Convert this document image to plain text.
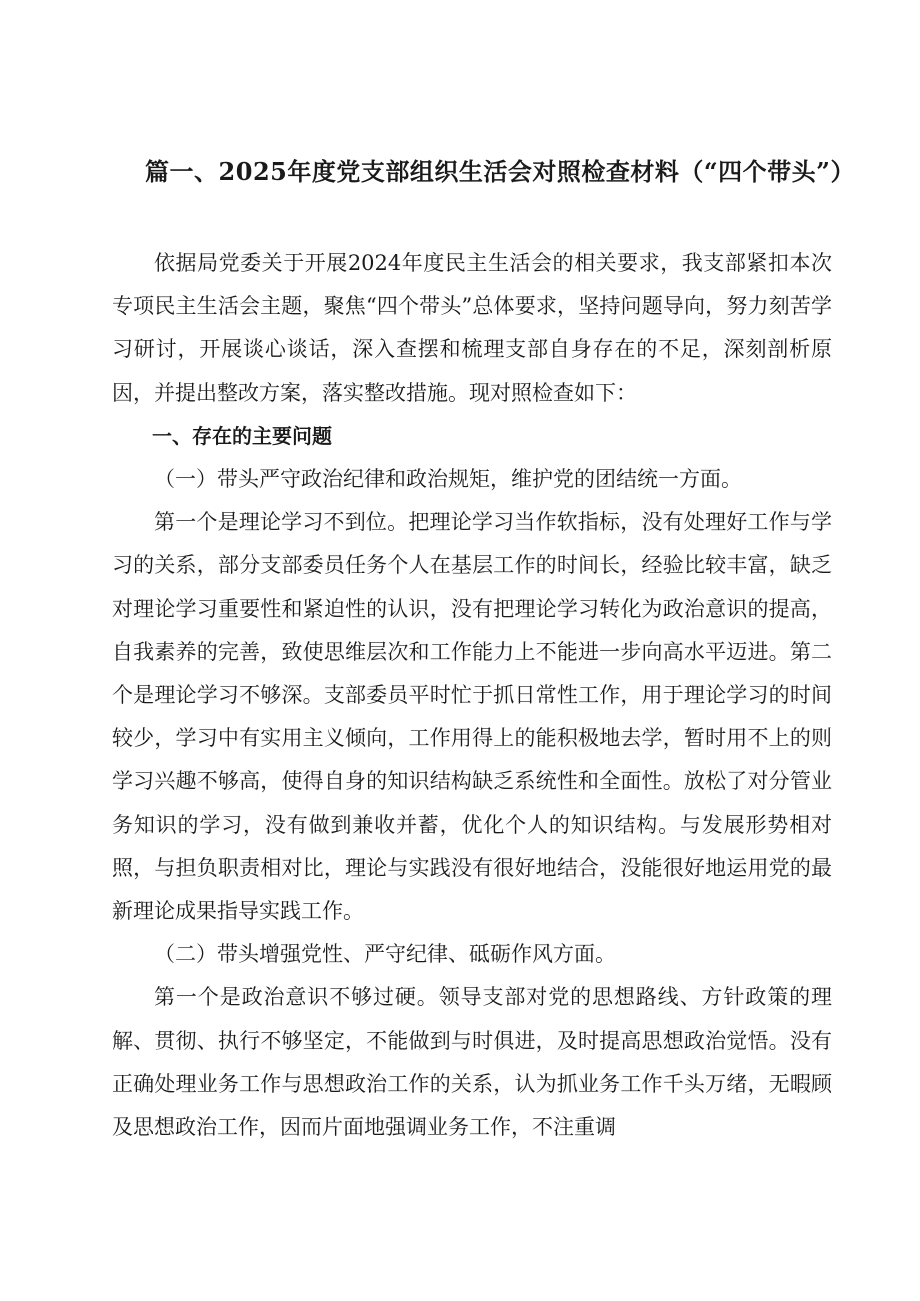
篇一、2025年度党支部组织生活会对照检查材料（“四个带头”）

依据局党委关于开展2024年度民主生活会的相关要求，我支部紧扣本次专项民主生活会主题，聚焦“四个带头”总体要求，坚持问题导向，努力刻苦学习研讨，开展谈心谈话，深入查摆和梳理支部自身存在的不足，深刻剖析原因，并提出整改方案，落实整改措施。现对照检查如下：

一、存在的主要问题

（一）带头严守政治纪律和政治规矩，维护党的团结统一方面。

第一个是理论学习不到位。把理论学习当作软指标，没有处理好工作与学习的关系，部分支部委员任务个人在基层工作的时间长，经验比较丰富，缺乏对理论学习重要性和紧迫性的认识，没有把理论学习转化为政治意识的提高，自我素养的完善，致使思维层次和工作能力上不能进一步向高水平迈进。第二个是理论学习不够深。支部委员平时忙于抓日常性工作，用于理论学习的时间较少，学习中有实用主义倾向，工作用得上的能积极地去学，暂时用不上的则学习兴趣不够高，使得自身的知识结构缺乏系统性和全面性。放松了对分管业务知识的学习，没有做到兼收并蓄，优化个人的知识结构。与发展形势相对照，与担负职责相对比，理论与实践没有很好地结合，没能很好地运用党的最新理论成果指导实践工作。

（二）带头增强党性、严守纪律、砥砺作风方面。

第一个是政治意识不够过硬。领导支部对党的思想路线、方针政策的理解、贯彻、执行不够坚定，不能做到与时俱进，及时提高思想政治觉悟。没有正确处理业务工作与思想政治工作的关系，认为抓业务工作千头万绪，无暇顾及思想政治工作，因而片面地强调业务工作，不注重调
